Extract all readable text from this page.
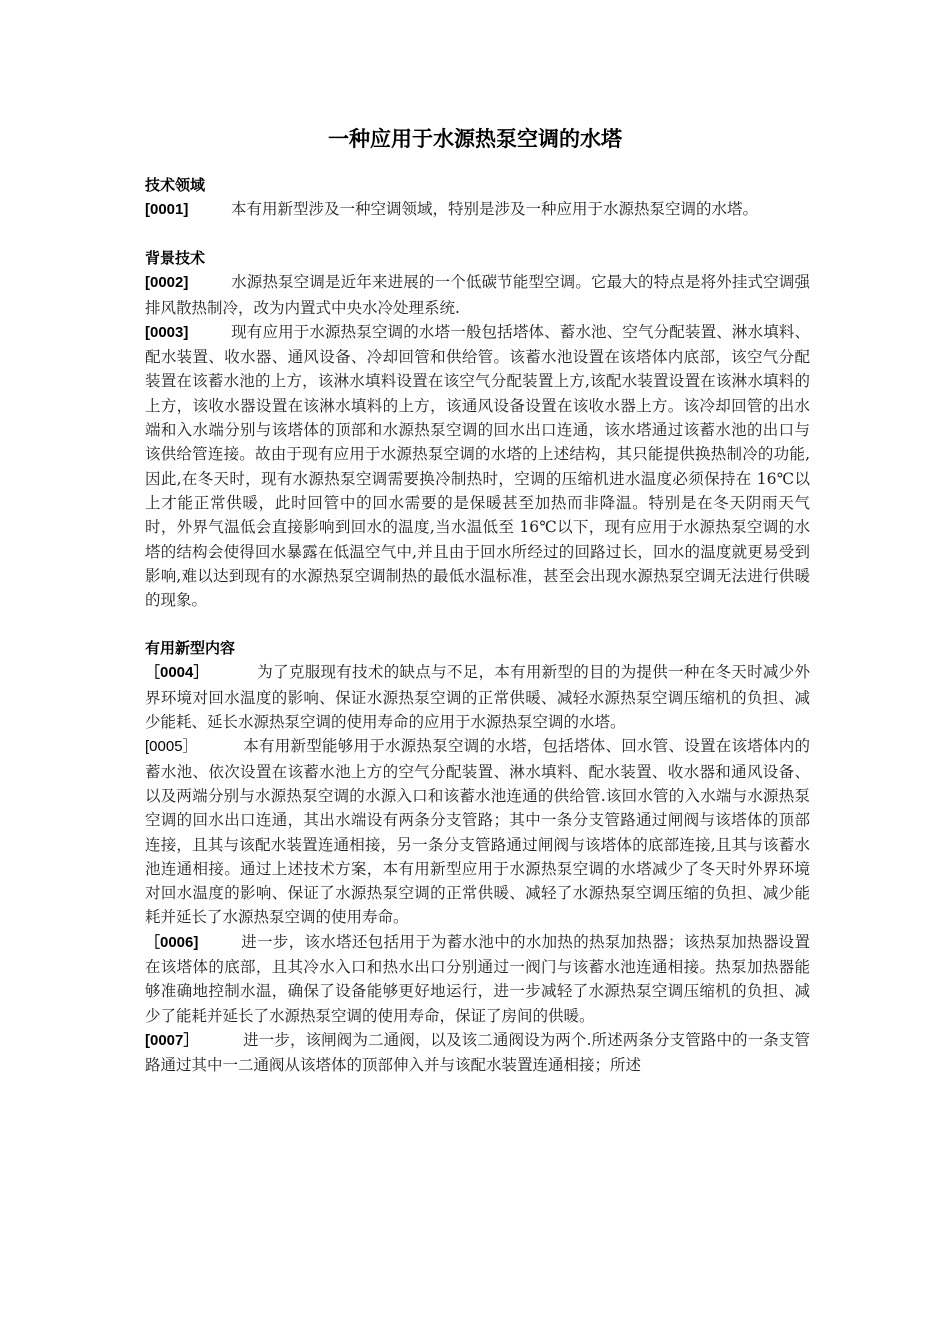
一种应用于水源热泵空调的水塔
技术领域
[0001]	本有用新型涉及一种空调领域，特别是涉及一种应用于水源热泵空调的水塔。
背景技术
[0002]	水源热泵空调是近年来进展的一个低碳节能型空调。它最大的特点是将外挂式空调强排风散热制冷，改为内置式中央水冷处理系统.
[0003]	现有应用于水源热泵空调的水塔一般包括塔体、蓄水池、空气分配装置、淋水填料、配水装置、收水器、通风设备、冷却回管和供给管。该蓄水池设置在该塔体内底部，该空气分配装置在该蓄水池的上方，该淋水填料设置在该空气分配装置上方,该配水装置设置在该淋水填料的上方，该收水器设置在该淋水填料的上方，该通风设备设置在该收水器上方。该冷却回管的出水端和入水端分别与该塔体的顶部和水源热泵空调的回水出口连通，该水塔通过该蓄水池的出口与该供给管连接。故由于现有应用于水源热泵空调的水塔的上述结构，其只能提供换热制冷的功能,因此,在冬天时，现有水源热泵空调需要换冷制热时，空调的压缩机进水温度必须保持在 16℃以上才能正常供暖，此时回管中的回水需要的是保暖甚至加热而非降温。特别是在冬天阴雨天气时，外界气温低会直接影响到回水的温度,当水温低至 16℃以下，现有应用于水源热泵空调的水塔的结构会使得回水暴露在低温空气中,并且由于回水所经过的回路过长，回水的温度就更易受到影响,难以达到现有的水源热泵空调制热的最低水温标准，甚至会出现水源热泵空调无法进行供暖的现象。
有用新型内容
［0004］	为了克服现有技术的缺点与不足，本有用新型的目的为提供一种在冬天时减少外界环境对回水温度的影响、保证水源热泵空调的正常供暖、减轻水源热泵空调压缩机的负担、减少能耗、延长水源热泵空调的使用寿命的应用于水源热泵空调的水塔。
[0005］	本有用新型能够用于水源热泵空调的水塔，包括塔体、回水管、设置在该塔体内的蓄水池、依次设置在该蓄水池上方的空气分配装置、淋水填料、配水装置、收水器和通风设备、以及两端分别与水源热泵空调的水源入口和该蓄水池连通的供给管.该回水管的入水端与水源热泵空调的回水出口连通，其出水端设有两条分支管路；其中一条分支管路通过闸阀与该塔体的顶部连接，且其与该配水装置连通相接，另一条分支管路通过闸阀与该塔体的底部连接,且其与该蓄水池连通相接。通过上述技术方案，本有用新型应用于水源热泵空调的水塔减少了冬天时外界环境对回水温度的影响、保证了水源热泵空调的正常供暖、减轻了水源热泵空调压缩的负担、减少能耗并延长了水源热泵空调的使用寿命。
［0006]	进一步，该水塔还包括用于为蓄水池中的水加热的热泵加热器；该热泵加热器设置在该塔体的底部，且其冷水入口和热水出口分别通过一阀门与该蓄水池连通相接。热泵加热器能够准确地控制水温，确保了设备能够更好地运行，进一步减轻了水源热泵空调压缩机的负担、减少了能耗并延长了水源热泵空调的使用寿命，保证了房间的供暖。
[0007］	进一步，该闸阀为二通阀，以及该二通阀设为两个.所述两条分支管路中的一条支管路通过其中一二通阀从该塔体的顶部伸入并与该配水装置连通相接；所述
